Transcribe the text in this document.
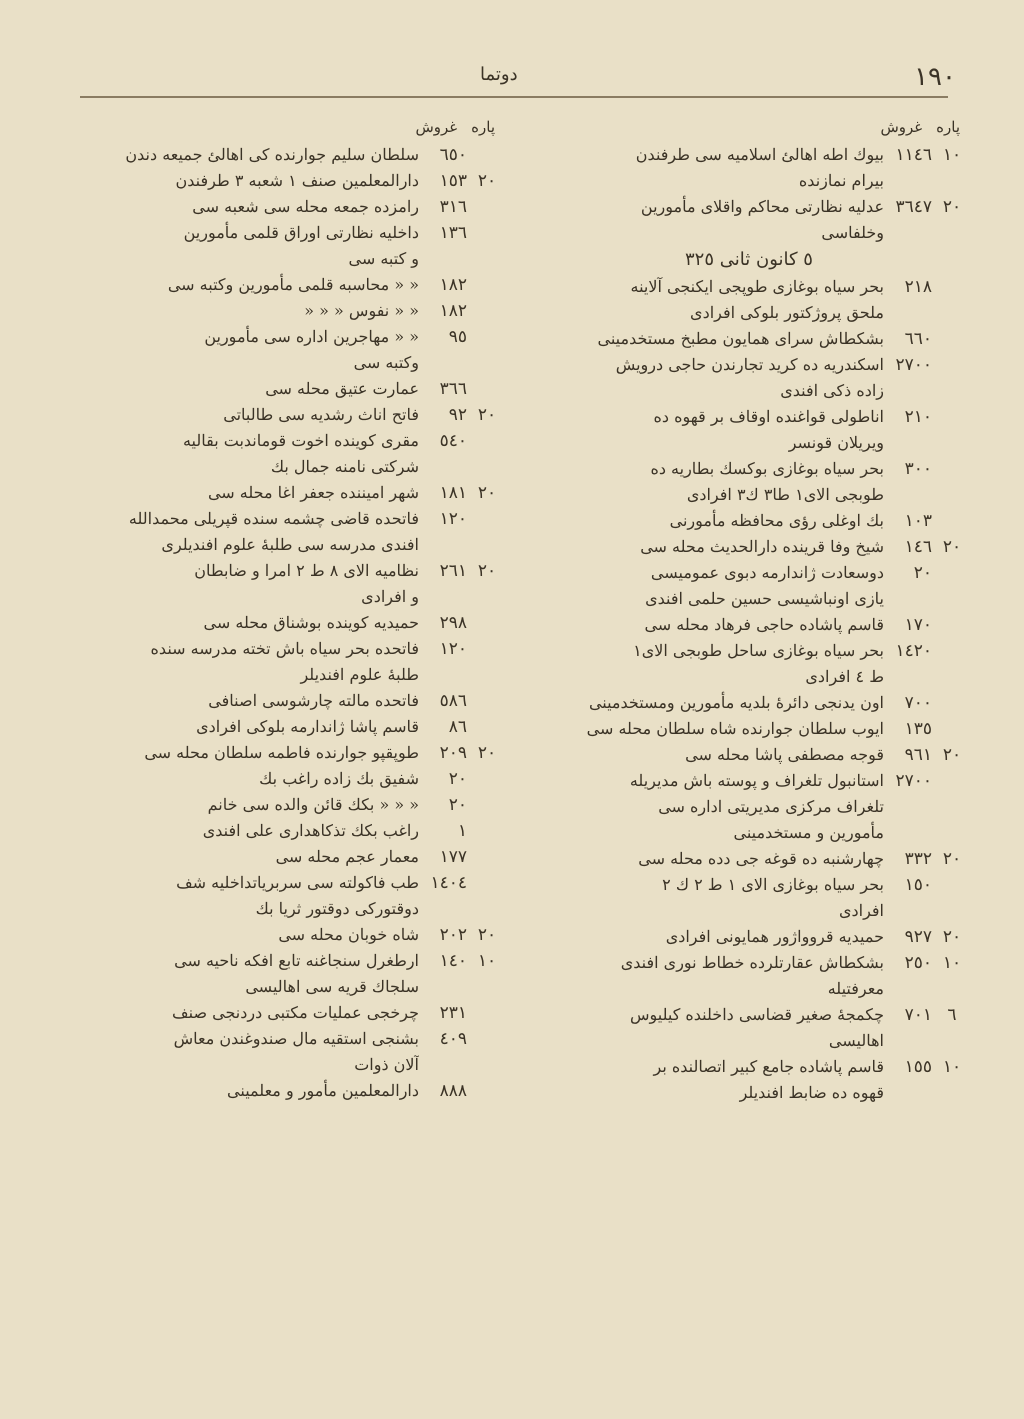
١٩٠
دوتما
پاره
غروش
١٠
١١٤٦
بيوك اطه اهالئ اسلاميه سى طرفندن
بيرام نمازنده
٢٠
٣٦٤٧
عدليه نظارتى محاكم واقلاى مأمورين
وخلفاسى
٥ كانون ثانى ٣٢٥
٢١٨
بحر سياه بوغازى طوپجى ايكنجى آلاينه
ملحق پروژكتور بلوكى افرادى
٦٦٠
بشكطاش سراى همايون مطبخ مستخدمينى
٢٧٠٠
اسكندريه ده كريد تجارندن حاجى درويش
زاده ذكى افندى
٢١٠
اناطولى قواغنده اوقاف بر قهوه ده
ويريلان قونسر
٣٠٠
بحر سياه بوغازى بوكسك بطاريه ده
طوبجى الاى١ طا٣ ك٣ افرادى
١٠٣
بك اوغلى رؤى محافظه مأمورنى
٢٠
١٤٦
شيخ وفا قرينده دارالحديث محله سى
٢٠
دوسعادت ژاندارمه دبوى عموميسى
يازى اونباشيسى حسين حلمى افندى
١٧٠
قاسم پاشاده حاجى فرهاد محله سى
١٤٢٠
بحر سياه بوغازى ساحل طوبجى الاى١
ط ٤ افرادى
٧٠٠
اون يدنجى دائرهٔ بلديه مأمورين ومستخدمينى
١٣٥
ايوب سلطان جوارنده شاه سلطان محله سى
٢٠
٩٦١
قوجه مصطفى پاشا محله سى
٢٧٠٠
استانبول تلغراف و پوسته باش مديريله
تلغراف مركزى مديريتى اداره سى
مأمورين و مستخدمينى
٢٠
٣٣٢
چهارشنبه ده قوغه جى دده محله سى
١٥٠
بحر سياه بوغازى الاى ١ ط ٢ ك ٢
افرادى
٢٠
٩٢٧
حميديه قروواژور همايونى افرادى
١٠
٢٥٠
بشكطاش عقارتلرده خطاط نورى افندى
معرفتيله
٦
٧٠١
چكمجهٔ صغير قضاسى داخلنده كيليوس
اهاليسى
١٠
١٥٥
قاسم پاشاده جامع كبير اتصالنده بر
قهوه ده ضابط افنديلر
پاره
غروش
٦٥٠
سلطان سليم جوارنده كى اهالئ جميعه دندن
٢٠
١٥٣
دارالمعلمين صنف ١ شعبه ٣ طرفندن
٣١٦
رامزده جمعه محله سى شعبه سى
١٣٦
داخليه نظارتى اوراق قلمى مأمورين
و كتبه سى
١٨٢
« « محاسبه قلمى مأمورين وكتبه سى
١٨٢
« « نفوس « « «
٩٥
« « مهاجرين اداره سى مأمورين
وكتبه سى
٣٦٦
عمارت عتيق محله سى
٢٠
٩٢
فاتح اناث رشديه سى طالباتى
٥٤٠
مقرى كوينده اخوت قوماندبت بقاليه
شركتى نامنه جمال بك
٢٠
١٨١
شهر اميننده جعفر اغا محله سى
١٢٠
فاتحده قاضى چشمه سنده قپريلى محمدالله
افندى مدرسه سى طلبهٔ علوم افنديلرى
٢٠
٢٦١
نظاميه الاى ٨ ط ٢ امرا و ضابطان
و افرادى
٢٩٨
حميديه كوينده بوشناق محله سى
١٢٠
فاتحده بحر سياه باش تخته مدرسه سنده
طلبهٔ علوم افنديلر
٥٨٦
فاتحده مالته چارشوسى اصنافى
٨٦
قاسم پاشا ژاندارمه بلوكى افرادى
٢٠
٢٠٩
طوپقپو جوارنده فاطمه سلطان محله سى
٢٠
شفيق بك زاده راغب بك
٢٠
« « « بكك قائن والده سى خانم
١
راغب بكك تذكاهدارى على افندى
١٧٧
معمار عجم محله سى
١٤٠٤
طب فاكولته سى سربرياتداخليه شف
دوقتوركى دوقتور ثريا بك
٢٠
٢٠٢
شاه خوبان محله سى
١٠
١٤٠
ارطغرل سنجاغنه تابع افكه ناحيه سى
سلجاك قريه سى اهاليسى
٢٣١
چرخجى عمليات مكتبى دردنجى صنف
٤٠٩
بشنجى استقيه مال صندوغندن معاش
آلان ذوات
٨٨٨
دارالمعلمين مأمور و معلمينى
